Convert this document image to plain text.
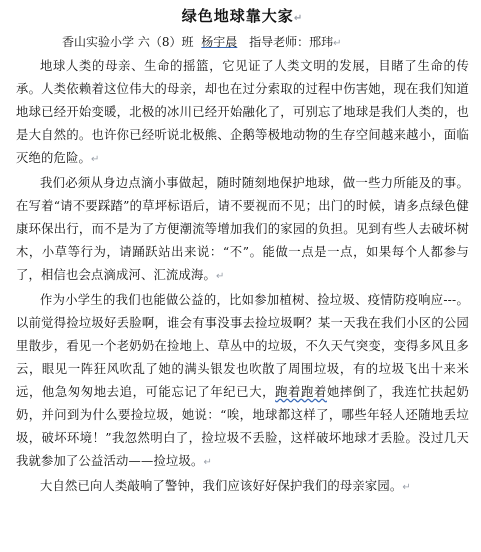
绿色地球靠大家↵
香山实验小学 六（8）班 杨宇晨 指导老师：邢玮↵

地球人类的母亲、生命的摇篮，它见证了人类文明的发展，目睹了生命的传承。人类依赖着这位伟大的母亲，却也在过分索取的过程中伤害她，现在我们知道地球已经开始变暖，北极的冰川已经开始融化了，可别忘了地球是我们人类的，也是大自然的。也许你已经听说北极熊、企鹅等极地动物的生存空间越来越小，面临灭绝的危险。↵

我们必须从身边点滴小事做起，随时随刻地保护地球，做一些力所能及的事。在写着“请不要踩踏”的草坪标语后，请不要视而不见；出门的时候，请多点绿色健康环保出行，而不是为了方便潮流等增加我们的家园的负担。见到有些人去破坏树木，小草等行为，请踊跃站出来说：“不”。能做一点是一点，如果每个人都参与了，相信也会点滴成河、汇流成海。↵

作为小学生的我们也能做公益的，比如参加植树、捡垃圾、疫情防疫响应---。以前觉得捡垃圾好丢脸啊，谁会有事没事去捡垃圾啊？某一天我在我们小区的公园里散步，看见一个老奶奶在捡地上、草丛中的垃圾，不久天气突变，变得多风且多云，眼见一阵狂风吹乱了她的满头银发也吹散了周围垃圾，有的垃圾飞出十来米远，他急匆匆地去追，可能忘记了年纪已大，跑着跑着她摔倒了，我连忙扶起奶奶，并问到为什么要捡垃圾，她说：“唉，地球都这样了，哪些年轻人还随地丢垃圾，破坏环境！”我忽然明白了，捡垃圾不丢脸，这样破坏地球才丢脸。没过几天我就参加了公益活动——捡垃圾。↵

大自然已向人类敲响了警钟，我们应该好好保护我们的母亲家园。↵
